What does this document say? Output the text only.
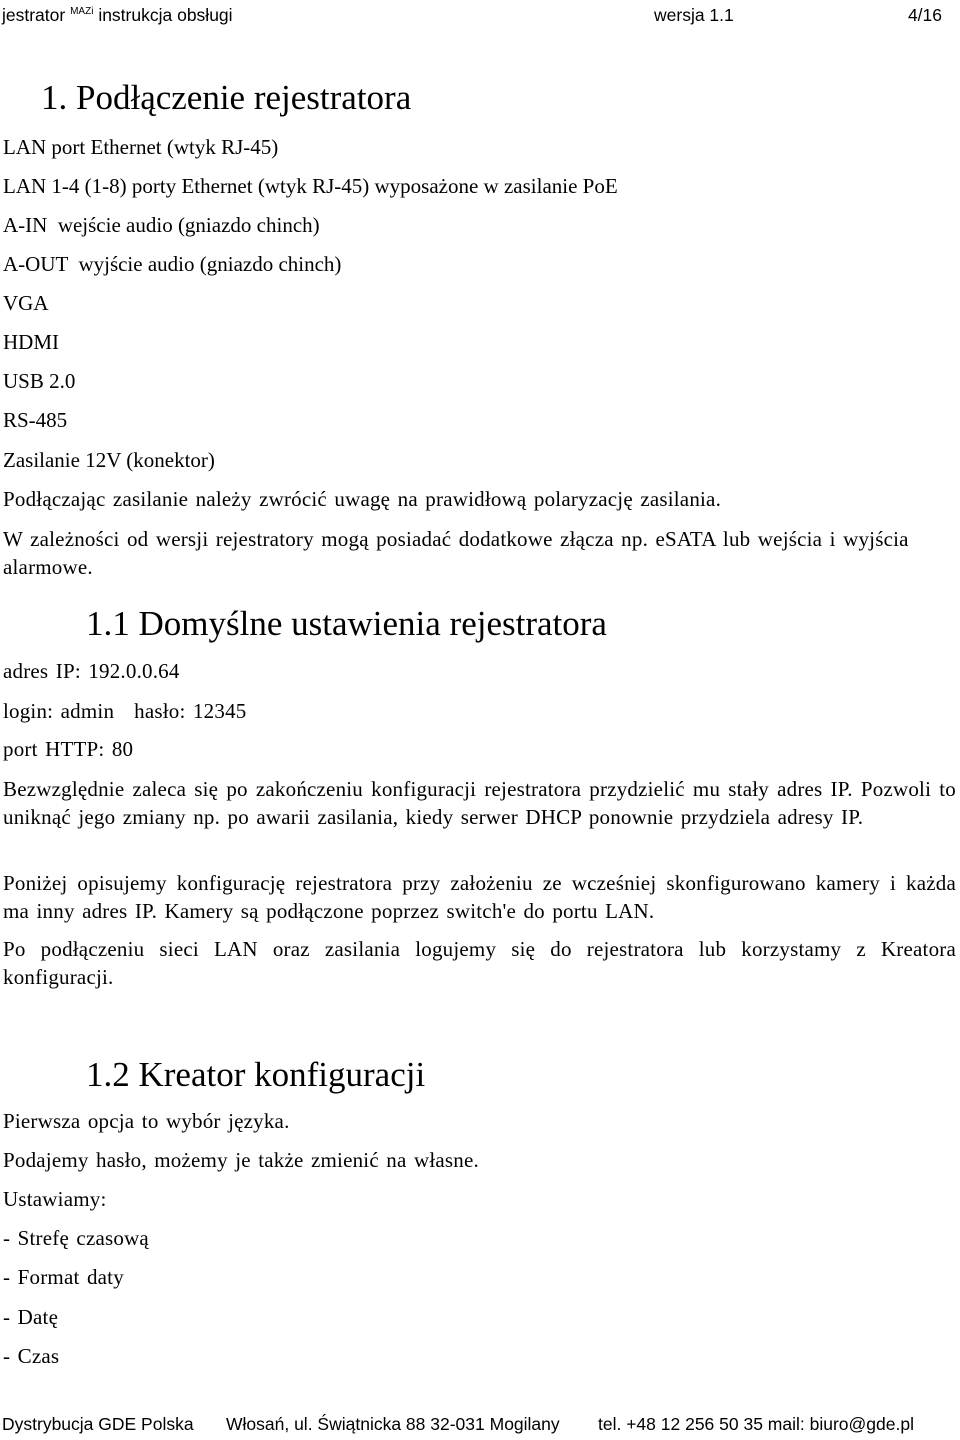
jestrator $^{MAZi}$ instrukcja obsługi	wersja 1.1	4/16
1. Podłączenie rejestratora
LAN port Ethernet (wtyk RJ-45)
LAN 1-4 (1-8) porty Ethernet (wtyk RJ-45) wyposażone w zasilanie PoE
A-IN  wejście audio (gniazdo chinch)
A-OUT  wyjście audio (gniazdo chinch)
VGA
HDMI
USB 2.0
RS-485
Zasilanie 12V (konektor)
Podłączając zasilanie należy zwrócić uwagę na prawidłową polaryzację zasilania.
W zależności od wersji rejestratory mogą posiadać dodatkowe złącza np. eSATA lub wejścia i wyjścia alarmowe.
1.1 Domyślne ustawienia rejestratora
adres IP: 192.0.0.64
login: admin hasło: 12345
port HTTP: 80
Bezwzględnie zaleca się po zakończeniu konfiguracji rejestratora przydzielić mu stały adres IP. Pozwoli to uniknąć jego zmiany np. po awarii zasilania, kiedy serwer DHCP ponownie przydziela adresy IP.
Poniżej opisujemy konfigurację rejestratora przy założeniu ze wcześniej skonfigurowano kamery i każda ma inny adres IP. Kamery są podłączone poprzez switch'e do portu LAN.
Po podłączeniu sieci LAN oraz zasilania logujemy się do rejestratora lub korzystamy z Kreatora konfiguracji.
1.2 Kreator konfiguracji
Pierwsza opcja to wybór języka.
Podajemy hasło, możemy je także zmienić na własne.
Ustawiamy:
- Strefę czasową
- Format daty
- Datę
- Czas
Dystrybucja GDE Polska Włosań, ul. Świątnicka 88 32-031 Mogilany tel. +48 12 256 50 35 mail: biuro@gde.pl
